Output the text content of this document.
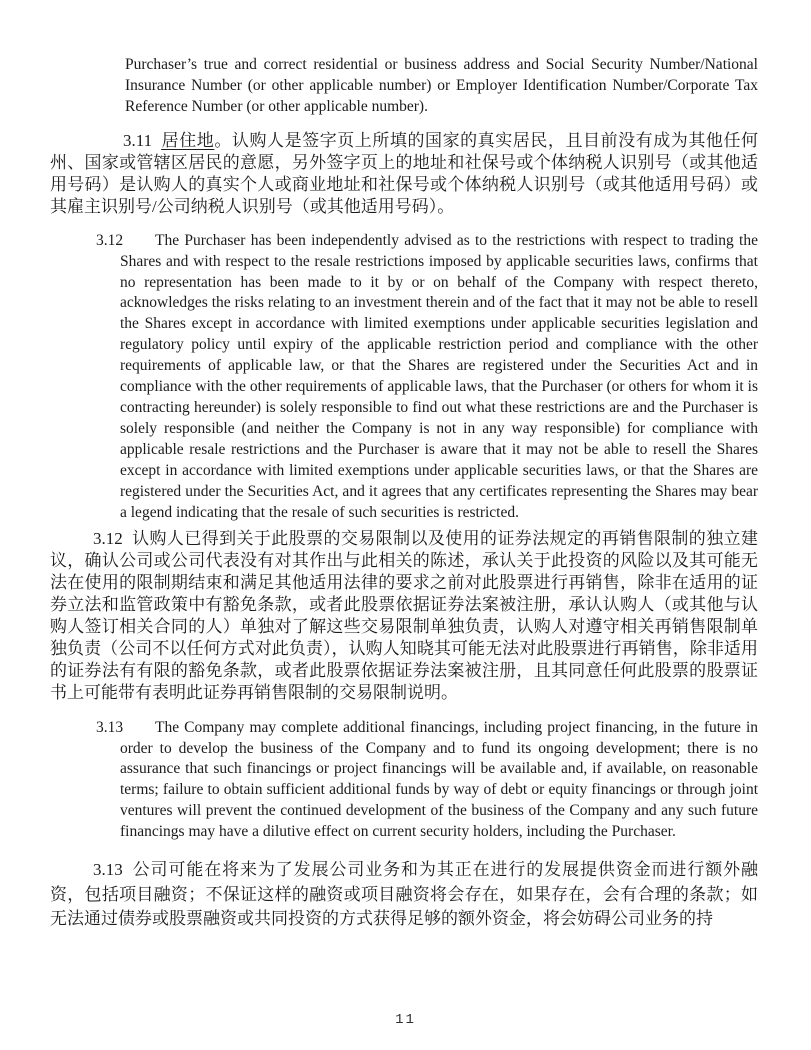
Purchaser’s true and correct residential or business address and Social Security Number/National Insurance Number (or other applicable number) or Employer Identification Number/Corporate Tax Reference Number (or other applicable number).

3.11 居住地。认购人是签字页上所填的国家的真实居民，且目前没有成为其他任何州、国家或管辖区居民的意愿，另外签字页上的地址和社保号或个体纳税人识别号（或其他适用号码）是认购人的真实个人或商业地址和社保号或个体纳税人识别号（或其他适用号码）或其雇主识别号/公司纳税人识别号（或其他适用号码）。

3.12 The Purchaser has been independently advised as to the restrictions with respect to trading the Shares and with respect to the resale restrictions imposed by applicable securities laws, confirms that no representation has been made to it by or on behalf of the Company with respect thereto, acknowledges the risks relating to an investment therein and of the fact that it may not be able to resell the Shares except in accordance with limited exemptions under applicable securities legislation and regulatory policy until expiry of the applicable restriction period and compliance with the other requirements of applicable law, or that the Shares are registered under the Securities Act and in compliance with the other requirements of applicable laws, that the Purchaser (or others for whom it is contracting hereunder) is solely responsible to find out what these restrictions are and the Purchaser is solely responsible (and neither the Company is not in any way responsible) for compliance with applicable resale restrictions and the Purchaser is aware that it may not be able to resell the Shares except in accordance with limited exemptions under applicable securities laws, or that the Shares are registered under the Securities Act, and it agrees that any certificates representing the Shares may bear a legend indicating that the resale of such securities is restricted.

3.12 认购人已得到关于此股票的交易限制以及使用的证券法规定的再销售限制的独立建议，确认公司或公司代表没有对其作出与此相关的陈述，承认关于此投资的风险以及其可能无法在使用的限制期结束和满足其他适用法律的要求之前对此股票进行再销售，除非在适用的证券立法和监管政策中有豁免条款，或者此股票依据证券法案被注册，承认认购人（或其他与认购人签订相关合同的人）单独对了解这些交易限制单独负责，认购人对遵守相关再销售限制单独负责（公司不以任何方式对此负责），认购人知晓其可能无法对此股票进行再销售，除非适用的证券法有有限的豁免条款，或者此股票依据证券法案被注册，且其同意任何此股票的股票证书上可能带有表明此证券再销售限制的交易限制说明。

3.13 The Company may complete additional financings, including project financing, in the future in order to develop the business of the Company and to fund its ongoing development; there is no assurance that such financings or project financings will be available and, if available, on reasonable terms; failure to obtain sufficient additional funds by way of debt or equity financings or through joint ventures will prevent the continued development of the business of the Company and any such future financings may have a dilutive effect on current security holders, including the Purchaser.

3.13 公司可能在将来为了发展公司业务和为其正在进行的发展提供资金而进行额外融资，包括项目融资；不保证这样的融资或项目融资将会存在，如果存在，会有合理的条款；如无法通过债券或股票融资或共同投资的方式获得足够的额外资金，将会妨碍公司业务的持

11
